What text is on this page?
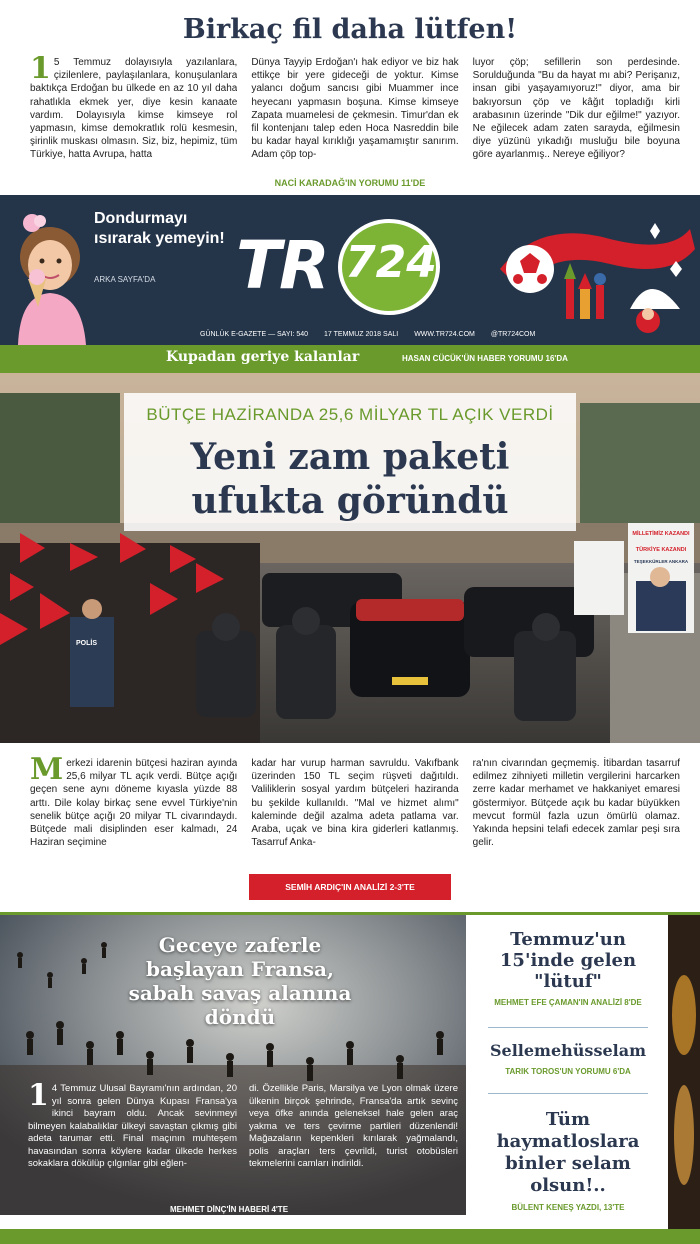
Birkaç fil daha lütfen!

1 5 Temmuz dolayısıyla yazılanlara, çizilenlere, paylaşılanlara, konuşulanlara baktıkça Erdoğan bu ülkede en az 10 yıl daha rahatlıkla ekmek yer, diye kesin kanaate vardım. Dolayısıyla kimse kimseye rol yapmasın, kimse demokratlık rolü kesmesin, şirinlik muskası olmasın. Siz, biz, hepimiz, tüm Türkiye, hatta Avrupa, hatta

Dünya Tayyip Erdoğan'ı hak ediyor ve biz hak ettikçe bir yere gideceği de yoktur. Kimse yalancı doğum sancısı gibi Muammer ince heyecanı yapmasın boşuna. Kimse kimseye Zapata muamelesi de çekmesin. Timur'dan ek fil kontenjanı talep eden Hoca Nasreddin bile bu kadar hayal kırıklığı yaşamamıştır sanırım. Adam çöp top-

luyor çöp; sefillerin son perdesinde. Sorulduğunda "Bu da hayat mı abi? Perişanız, insan gibi yaşayamıyoruz!" diyor, ama bir bakıyorsun çöp ve kâğıt topladığı kirli arabasının üzerinde "Dik dur eğilme!" yazıyor. Ne eğilecek adam zaten sarayda, eğilmesin diye yüzünü yıkadığı musluğu bile boyuna göre ayarlanmış.. Nereye eğiliyor?

NACİ KARADAĞ'IN YORUMU 11'DE
Dondurmayı ısırarak yemeyin!
ARKA SAYFA'DA TR 724
GÜNLÜK E-GAZETE — SAYI: 540 17 TEMMUZ 2018 SALI WWW.TR724.COM @TR724COM
Kupadan geriye kalanlar	HASAN CÜCÜK'ÜN HABER YORUMU 16'DA
POLİS
MİLLETİMİZ KAZANDI
TÜRKİYE KAZANDI
TEŞEKKÜRLER ANKARA
BÜTÇE HAZİRANDA 25,6 MİLYAR TL AÇIK VERDİ
Yeni zam paketi ufukta göründü

Merkezi idarenin bütçesi haziran ayında 25,6 milyar TL açık verdi. Bütçe açığı geçen sene aynı döneme kıyasla yüzde 88 arttı. Dile kolay birkaç sene evvel Türkiye'nin senelik bütçe açığı 20 milyar TL civarındaydı. Bütçede mali disiplinden eser kalmadı, 24 Haziran seçimine

kadar har vurup harman savruldu. Vakıfbank üzerinden 150 TL seçim rüşveti dağıtıldı. Valiliklerin sosyal yardım bütçeleri haziranda bu şekilde kullanıldı. "Mal ve hizmet alımı" kaleminde değil azalma adeta patlama var. Araba, uçak ve bina kira giderleri katlanmış. Tasarruf Anka-

ra'nın civarından geçmemiş. İtibardan tasarruf edilmez zihniyeti milletin vergilerini harcarken zerre kadar merhamet ve hakkaniyet emaresi göstermiyor. Bütçede açık bu kadar büyükken mevcut formül fazla uzun ömürlü olamaz. Yakında hepsini telafi edecek zamlar peşi sıra gelir.

SEMİH ARDIÇ'IN ANALİZİ 2-3'TE
Geceye zaferle başlayan Fransa, sabah savaş alanına döndü

1 4 Temmuz Ulusal Bayramı'nın ardından, 20 yıl sonra gelen Dünya Kupası Fransa'ya ikinci bayram oldu. Ancak sevinmeyi bilmeyen kalabalıklar ülkeyi savaştan çıkmış gibi adeta tarumar etti. Final maçının muhteşem havasından sonra köylere kadar ülkede herkes sokaklara dökülüp çılgınlar gibi eğlen-

di. Özellikle Paris, Marsilya ve Lyon olmak üzere ülkenin birçok şehrinde, Fransa'da artık sevinç veya öfke anında geleneksel hale gelen araç yakma ve ters çevirme partileri düzenlendi! Mağazaların kepenkleri kırılarak yağmalandı, polis araçları ters çevrildi, turist otobüsleri tekmelerini camları indirildi.

MEHMET DİNÇ'İN HABERİ 4'TE
Temmuz'un 15'inde gelen "lütuf"
MEHMET EFE ÇAMAN'IN ANALİZİ 8'DE
Sellemehüsselam
TARIK TOROS'UN YORUMU 6'DA
Tüm haymatloslara binler selam olsun!..
BÜLENT KENEŞ YAZDI, 13'TE
